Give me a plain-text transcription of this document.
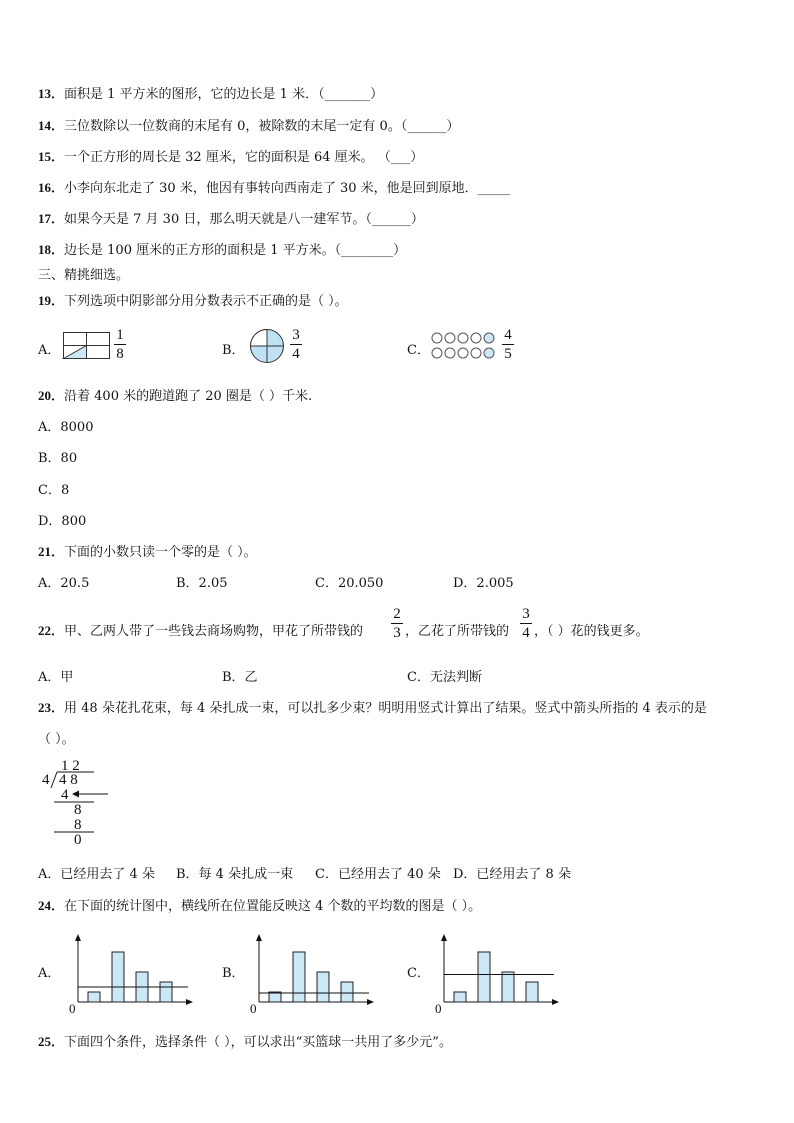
13．面积是 1 平方米的图形，它的边长是 1 米．（_______）
14．三位数除以一位数商的末尾有 0，被除数的末尾一定有 0。（______）
15．一个正方形的周长是 32 厘米，它的面积是 64 厘米。 （___）
16．小李向东北走了 30 米，他因有事转向西南走了 30 米，他是回到原地．_____
17．如果今天是 7 月 30 日，那么明天就是八一建军节。（______）
18．边长是 100 厘米的正方形的面积是 1 平方米。（________）
三、精挑细选。
19．下列选项中阴影部分用分数表示不正确的是（ ）。
A．
1
8	B．
3
4	C．
4
5
20．沿着 400 米的跑道跑了 20 圈是（ ）千米.
A．8000
B．80
C．8
D．800
21．下面的小数只读一个零的是（ ）。
A．20.5	B．2.05	C．20.050	D．2.005
22．甲、乙两人带了一些钱去商场购物，甲花了所带钱的
2
3 ，乙花了所带钱的
3
4 ，（ ）花的钱更多。
A．甲	B．乙	C．无法判断
23．用 48 朵花扎花束，每 4 朵扎成一束，可以扎多少束？明明用竖式计算出了结果。竖式中箭头所指的 4 表示的是
（ ）。
1 2
4 4 8
4
8
8
0
A．已经用去了 4 朵 B．每 4 朵扎成一束 C．已经用去了 40 朵 D．已经用去了 8 朵
24．在下面的统计图中，横线所在位置能反映这 4 个数的平均数的图是（ ）。
A．
0
B．
0
C．
0
25．下面四个条件，选择条件（ ），可以求出“买篮球一共用了多少元”。
